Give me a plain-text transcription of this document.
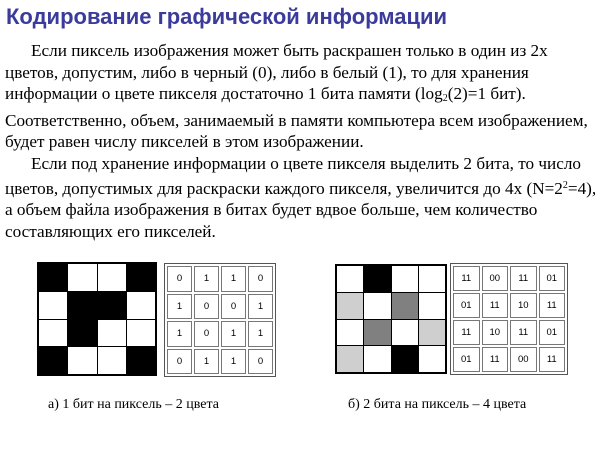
Кодирование графической информации

Если пиксель изображения может быть раскрашен только в один из 2х цветов, допустим, либо в черный (0), либо в белый (1), то для хранения информации о цвете пикселя достаточно 1 бита памяти ($\log_2(2)=1$ бит). Соответственно, объем, занимаемый в памяти компьютера всем изображением, будет равен числу пикселей в этом изображении.

Если под хранение информации о цвете пикселя выделить 2 бита, то число цветов, допустимых для раскраски каждого пикселя, увеличится до 4х $(N=2^2=4)$, а объем файла изображения в битах будет вдвое больше, чем количество составляющих его пикселей.

0	1	1	0
1	0	0	1
1	0	1	1
0	1	1	0
а) 1 бит на пиксель – 2 цвета
11	00	11	01
01	11	10	11
11	10	11	01
01	11	00	11
б) 2 бита на пиксель – 4 цвета
